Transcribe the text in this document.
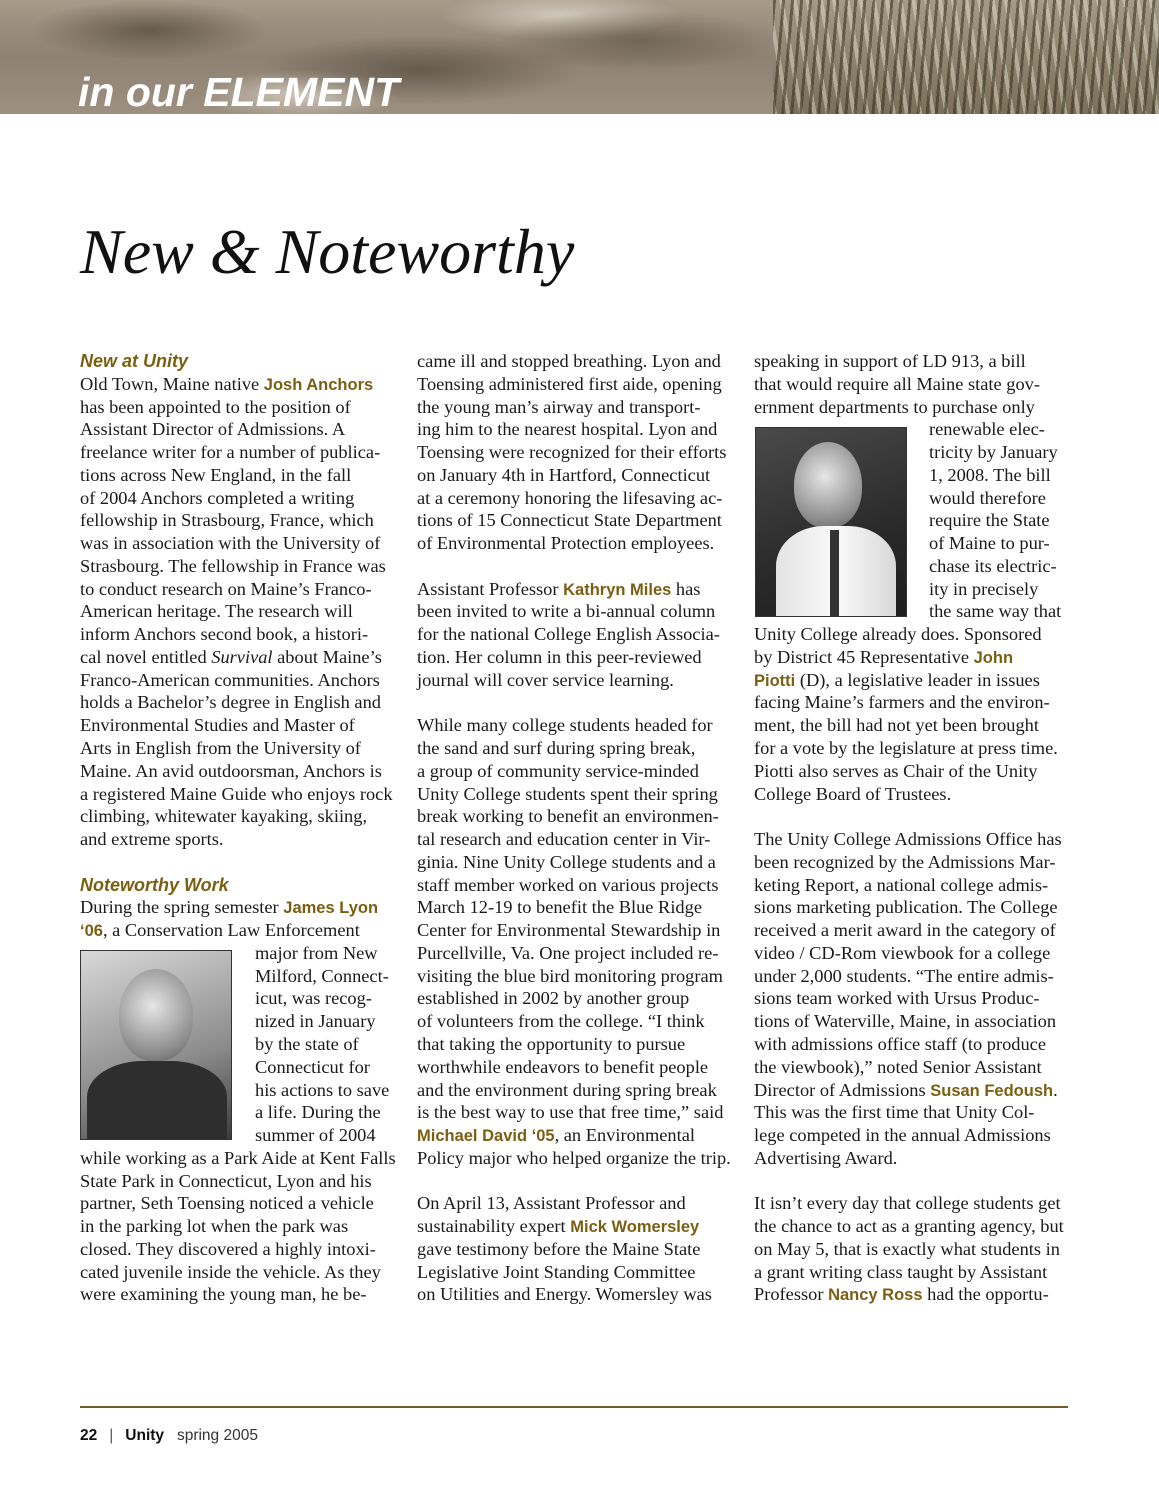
in our ELEMENT
New & Noteworthy
New at Unity
Old Town, Maine native Josh Anchors
has been appointed to the position of
Assistant Director of Admissions. A
freelance writer for a number of publica-
tions across New England, in the fall
of 2004 Anchors completed a writing
fellowship in Strasbourg, France, which
was in association with the University of
Strasbourg. The fellowship in France was
to conduct research on Maine’s Franco-
American heritage. The research will
inform Anchors second book, a histori-
cal novel entitled Survival about Maine’s
Franco-American communities. Anchors
holds a Bachelor’s degree in English and
Environmental Studies and Master of
Arts in English from the University of
Maine. An avid outdoorsman, Anchors is
a registered Maine Guide who enjoys rock
climbing, whitewater kayaking, skiing,
and extreme sports.

Noteworthy Work
During the spring semester James Lyon
‘06, a Conservation Law Enforcement
major from New
Milford, Connect-
icut, was recog-
nized in January
by the state of
Connecticut for
his actions to save
a life. During the
summer of 2004
while working as a Park Aide at Kent Falls
State Park in Connecticut, Lyon and his
partner, Seth Toensing noticed a vehicle
in the parking lot when the park was
closed. They discovered a highly intoxi-
cated juvenile inside the vehicle. As they
were examining the young man, he be-
came ill and stopped breathing. Lyon and
Toensing administered first aide, opening
the young man’s airway and transport-
ing him to the nearest hospital. Lyon and
Toensing were recognized for their efforts
on January 4th in Hartford, Connecticut
at a ceremony honoring the lifesaving ac-
tions of 15 Connecticut State Department
of Environmental Protection employees.

Assistant Professor Kathryn Miles has
been invited to write a bi-annual column
for the national College English Associa-
tion. Her column in this peer-reviewed
journal will cover service learning.

While many college students headed for
the sand and surf during spring break,
a group of community service-minded
Unity College students spent their spring
break working to benefit an environmen-
tal research and education center in Vir-
ginia. Nine Unity College students and a
staff member worked on various projects
March 12-19 to benefit the Blue Ridge
Center for Environmental Stewardship in
Purcellville, Va. One project included re-
visiting the blue bird monitoring program
established in 2002 by another group
of volunteers from the college. “I think
that taking the opportunity to pursue
worthwhile endeavors to benefit people
and the environment during spring break
is the best way to use that free time,” said
Michael David ‘05, an Environmental
Policy major who helped organize the trip.

On April 13, Assistant Professor and
sustainability expert Mick Womersley
gave testimony before the Maine State
Legislative Joint Standing Committee
on Utilities and Energy. Womersley was
speaking in support of LD 913, a bill
that would require all Maine state gov-
ernment departments to purchase only
renewable elec-
tricity by January
1, 2008. The bill
would therefore
require the State
of Maine to pur-
chase its electric-
ity in precisely
the same way that
Unity College already does. Sponsored
by District 45 Representative John
Piotti (D), a legislative leader in issues
facing Maine’s farmers and the environ-
ment, the bill had not yet been brought
for a vote by the legislature at press time.
Piotti also serves as Chair of the Unity
College Board of Trustees.

The Unity College Admissions Office has
been recognized by the Admissions Mar-
keting Report, a national college admis-
sions marketing publication. The College
received a merit award in the category of
video / CD-Rom viewbook for a college
under 2,000 students. “The entire admis-
sions team worked with Ursus Produc-
tions of Waterville, Maine, in association
with admissions office staff (to produce
the viewbook),” noted Senior Assistant
Director of Admissions Susan Fedoush.
This was the first time that Unity Col-
lege competed in the annual Admissions
Advertising Award.

It isn’t every day that college students get
the chance to act as a granting agency, but
on May 5, that is exactly what students in
a grant writing class taught by Assistant
Professor Nancy Ross had the opportu-
22 | Unity spring 2005
